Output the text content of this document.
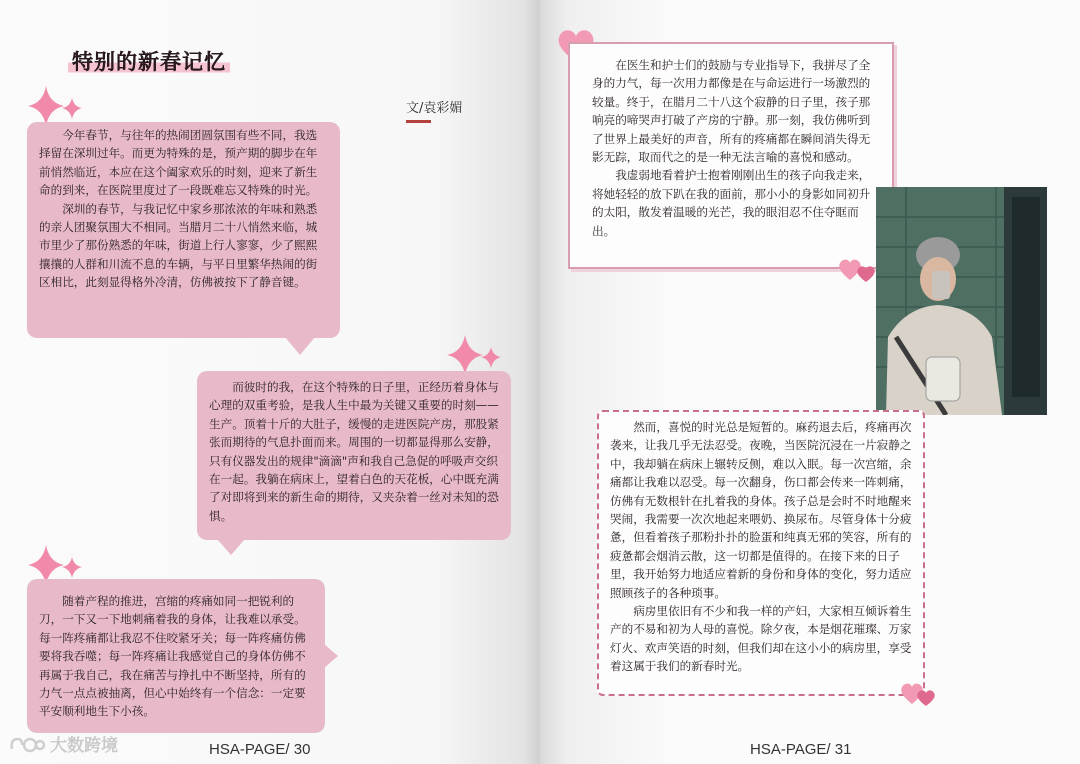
特别的新春记忆
文/袁彩媚

今年春节，与往年的热闹团圆氛围有些不同，我选择留在深圳过年。而更为特殊的是，预产期的脚步在年前悄然临近，本应在这个阖家欢乐的时刻，迎来了新生命的到来，在医院里度过了一段既难忘又特殊的时光。

深圳的春节，与我记忆中家乡那浓浓的年味和熟悉的亲人团聚氛围大不相同。当腊月二十八悄然来临，城市里少了那份熟悉的年味，街道上行人寥寥，少了熙熙攘攘的人群和川流不息的车辆，与平日里繁华热闹的街区相比，此刻显得格外冷清，仿佛被按下了静音键。

而彼时的我，在这个特殊的日子里，正经历着身体与心理的双重考验，是我人生中最为关键又重要的时刻——生产。顶着十斤的大肚子，缓慢的走进医院产房，那股紧张而期待的气息扑面而来。周围的一切都显得那么安静，只有仪器发出的规律"滴滴"声和我自己急促的呼吸声交织在一起。我躺在病床上，望着白色的天花板，心中既充满了对即将到来的新生命的期待，又夹杂着一丝对未知的恐惧。

随着产程的推进，宫缩的疼痛如同一把锐利的刀，一下又一下地刺痛着我的身体，让我难以承受。每一阵疼痛都让我忍不住咬紧牙关；每一阵疼痛仿佛要将我吞噬；每一阵疼痛让我感觉自己的身体仿佛不再属于我自己，我在痛苦与挣扎中不断坚持，所有的力气一点点被抽离，但心中始终有一个信念：一定要平安顺利地生下小孩。

大数跨境	HSA-PAGE/ 30

在医生和护士们的鼓励与专业指导下，我拼尽了全身的力气，每一次用力都像是在与命运进行一场激烈的较量。终于，在腊月二十八这个寂静的日子里，孩子那响亮的啼哭声打破了产房的宁静。那一刻，我仿佛听到了世界上最美好的声音，所有的疼痛都在瞬间消失得无影无踪，取而代之的是一种无法言喻的喜悦和感动。

我虚弱地看着护士抱着刚刚出生的孩子向我走来，将她轻轻的放下趴在我的面前，那小小的身影如同初升的太阳，散发着温暖的光芒，我的眼泪忍不住夺眶而出。

然而，喜悦的时光总是短暂的。麻药退去后，疼痛再次袭来，让我几乎无法忍受。夜晚，当医院沉浸在一片寂静之中，我却躺在病床上辗转反侧，难以入眠。每一次宫缩，余痛都让我难以忍受。每一次翻身，伤口都会传来一阵刺痛，仿佛有无数根针在扎着我的身体。孩子总是会时不时地醒来哭闹，我需要一次次地起来喂奶、换尿布。尽管身体十分疲惫，但看着孩子那粉扑扑的脸蛋和纯真无邪的笑容，所有的疲惫都会烟消云散，这一切都是值得的。在接下来的日子里，我开始努力地适应着新的身份和身体的变化，努力适应照顾孩子的各种琐事。

病房里依旧有不少和我一样的产妇，大家相互倾诉着生产的不易和初为人母的喜悦。除夕夜，本是烟花璀璨、万家灯火、欢声笑语的时刻，但我们却在这小小的病房里，享受着这属于我们的新春时光。

HSA-PAGE/ 31
